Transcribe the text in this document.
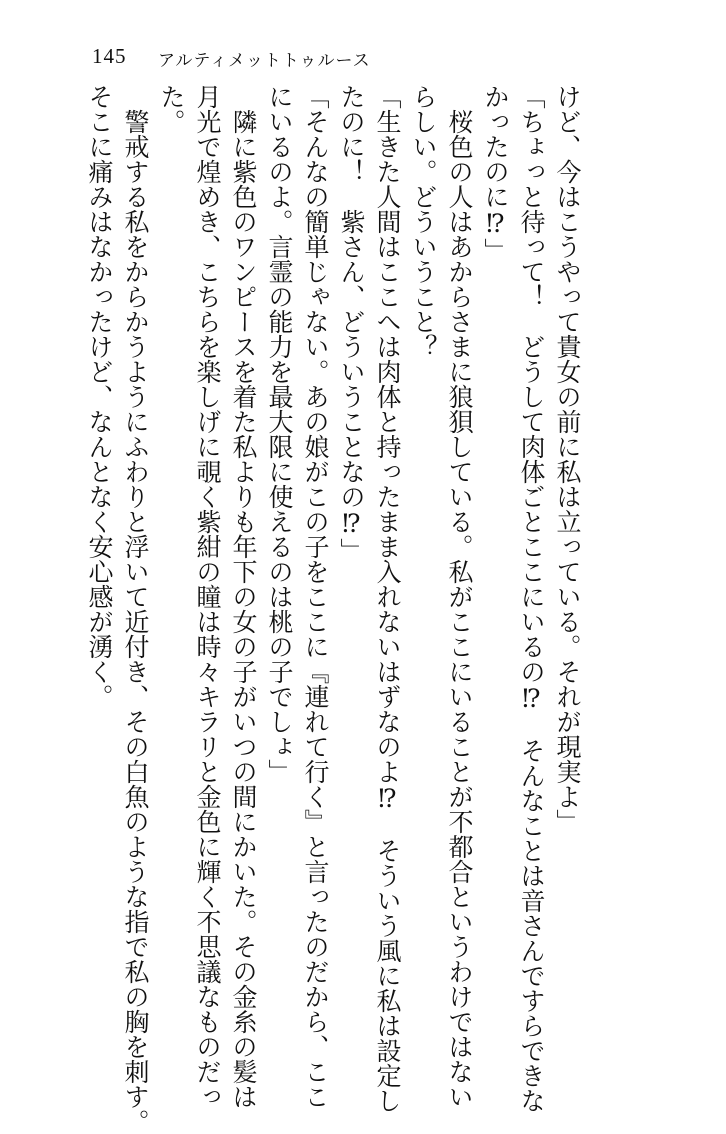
145 アルティメットトゥルース
けど、今はこうやって貴女の前に私は立っている。それが現実よ」
「ちょっと待って！　どうして肉体ごとここにいるの⁉　そんなことは音さんですらできな
かったのに⁉」
　桜色の人はあからさまに狼狽している。私がここにいることが不都合というわけではない
らしい。どういうこと？
「生きた人間はここへは肉体と持ったまま入れないはずなのよ⁉　そういう風に私は設定し
たのに！　紫さん、どういうことなの⁉」
「そんなの簡単じゃない。あの娘がこの子をここに『連れて行く』と言ったのだから、ここ
にいるのよ。言霊の能力を最大限に使えるのは桃の子でしょ」
　隣に紫色のワンピースを着た私よりも年下の女の子がいつの間にかいた。その金糸の髪は
月光で煌めき、こちらを楽しげに覗く紫紺の瞳は時々キラリと金色に輝く不思議なものだっ
た。
　警戒する私をからかうようにふわりと浮いて近付き、その白魚のような指で私の胸を刺す。
そこに痛みはなかったけど、なんとなく安心感が湧く。
